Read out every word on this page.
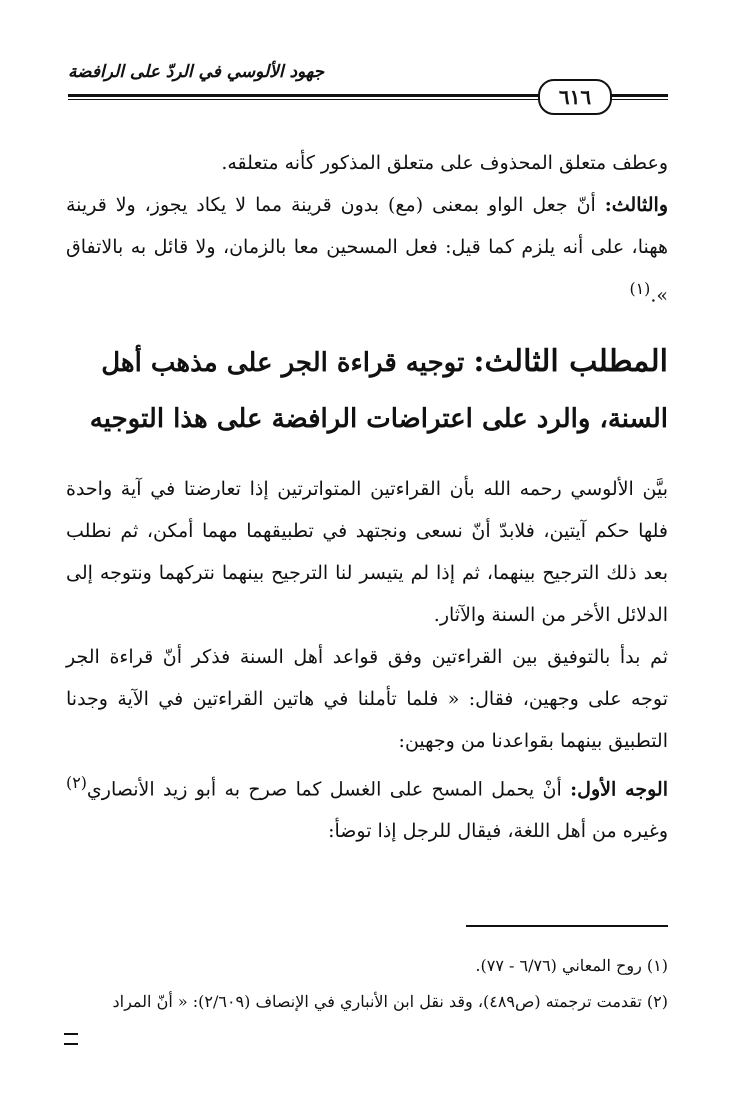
جهود الألوسي في الردّ على الرافضة
٦١٦

وعطف متعلق المحذوف على متعلق المذكور كأنه متعلقه.

والثالث: أنّ جعل الواو بمعنى (مع) بدون قرينة مما لا يكاد يجوز، ولا قرينة ههنا، على أنه يلزم كما قيل: فعل المسحين معا بالزمان، ولا قائل به بالاتفاق ».$^{(١)}$

المطلب الثالث: توجيه قراءة الجر على مذهب أهل السنة، والرد على اعتراضات الرافضة على هذا التوجيه

بيَّن الألوسي رحمه الله بأن القراءتين المتواترتين إذا تعارضتا في آية واحدة فلها حكم آيتين، فلابدّ أنّ نسعى ونجتهد في تطبيقهما مهما أمكن، ثم نطلب بعد ذلك الترجيح بينهما، ثم إذا لم يتيسر لنا الترجيح بينهما نتركهما ونتوجه إلى الدلائل الأخر من السنة والآثار.

ثم بدأ بالتوفيق بين القراءتين وفق قواعد أهل السنة فذكر أنّ قراءة الجر توجه على وجهين، فقال: « فلما تأملنا في هاتين القراءتين في الآية وجدنا التطبيق بينهما بقواعدنا من وجهين:

الوجه الأول: أنْ يحمل المسح على الغسل كما صرح به أبو زيد الأنصاري$^{(٢)}$ وغيره من أهل اللغة، فيقال للرجل إذا توضأ:

(١) روح المعاني (٦/٧٦ - ٧٧).

(٢) تقدمت ترجمته (ص٤٨٩)، وقد نقل ابن الأنباري في الإنصاف (٢/٦٠٩): « أنّ المراد
